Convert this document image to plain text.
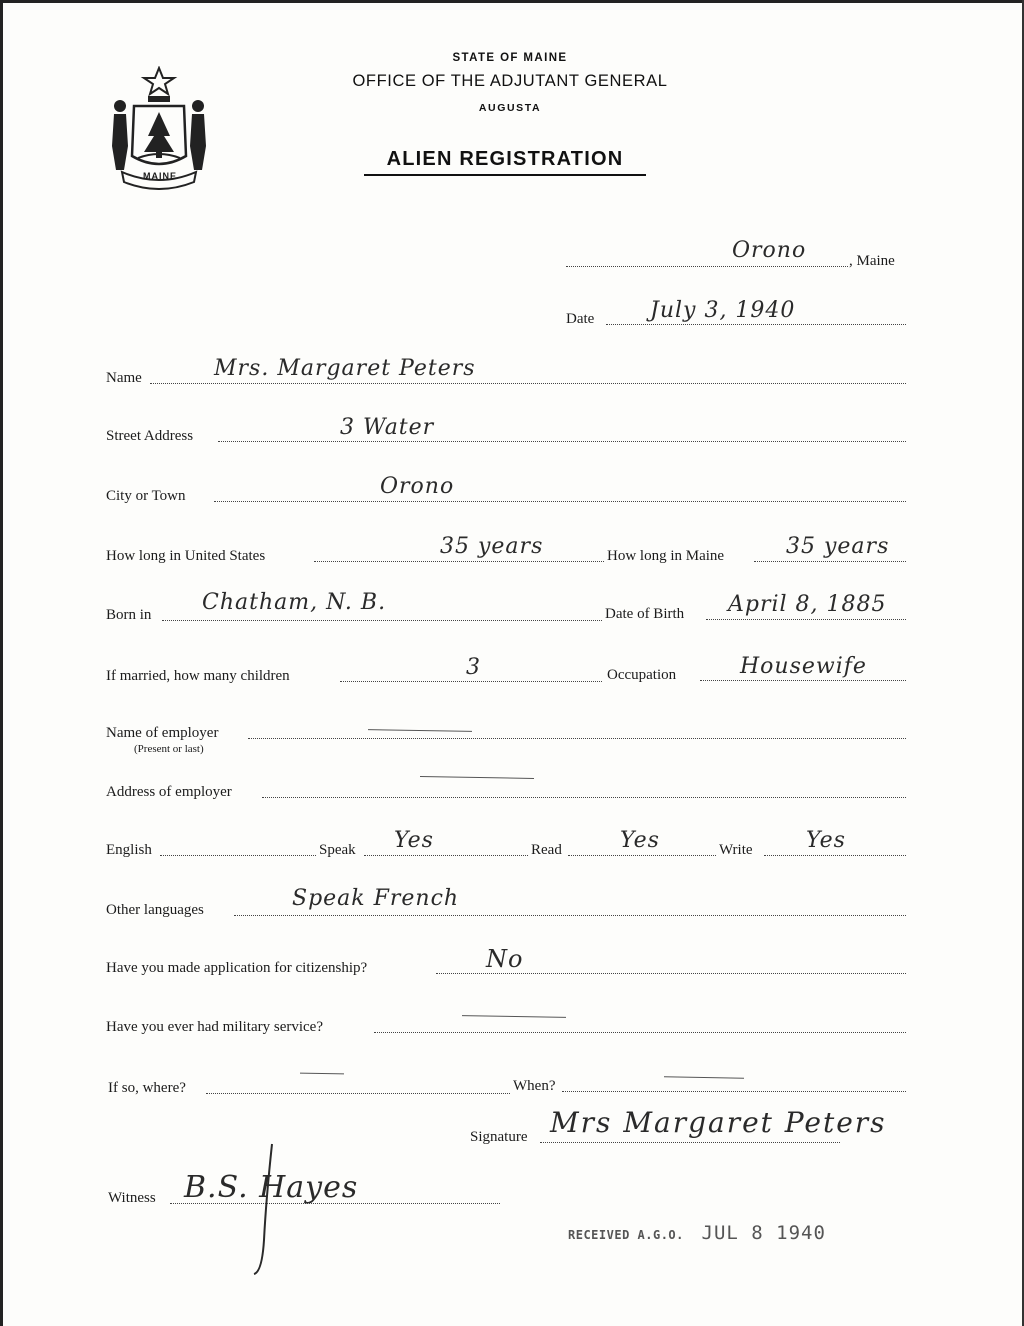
MAINE
STATE OF MAINE
OFFICE OF THE ADJUTANT GENERAL
AUGUSTA
ALIEN REGISTRATION
Orono	, Maine
Date	July 3, 1940
Name	Mrs. Margaret Peters
Street Address	3 Water
City or Town	Orono
How long in United States	35 years	How long in Maine	35 years
Born in Chatham, N. B.	Date of Birth April 8, 1885
If married, how many children	3	Occupation	Housewife
Name of employer
(Present or last)
Address of employer
English	Speak Yes	Read	Yes	Write Yes
Other languages	Speak French
Have you made application for citizenship?	No
Have you ever had military service?
If so, where?	When?
Signature Mrs Margaret Peters
Witness B.S. Hayes
RECEIVED A.G.O. JUL 8 1940
